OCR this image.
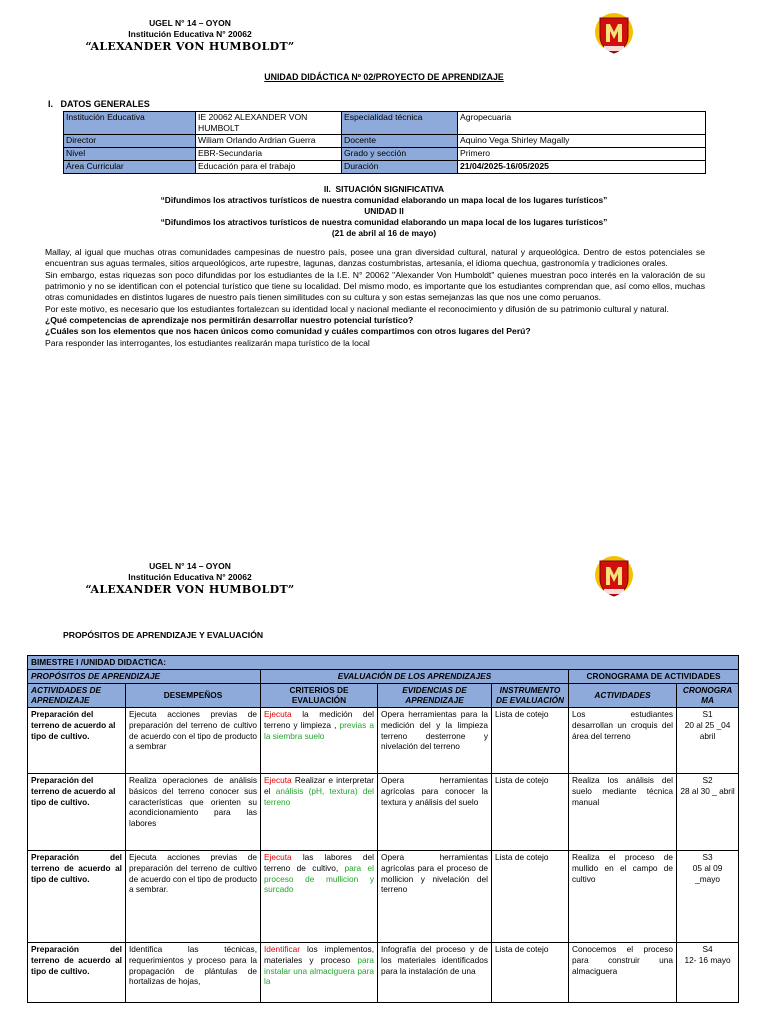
UGEL N° 14 – OYON
Institución Educativa N° 20062
“ALEXANDER VON HUMBOLDT”
UNIDAD DIDÁCTICA Nº 02/PROYECTO DE APRENDIZAJE
I. DATOS GENERALES
Institución Educativa	IE 20062 ALEXANDER VON HUMBOLT	Especialidad técnica	Agropecuaria
Director	Wiliam Orlando Ardrian Guerra	Docente	Aquino Vega Shirley Magally
Nivel	EBR-Secundaria	Grado y sección	Primero
Área Curricular	Educación para el trabajo	Duración	21/04/2025-16/05/2025
II. SITUACIÓN SIGNIFICATIVA
“Difundimos los atractivos turísticos de nuestra comunidad elaborando un mapa local de los lugares turísticos”
UNIDAD II
“Difundimos los atractivos turísticos de nuestra comunidad elaborando un mapa local de los lugares turísticos”
(21 de abril al 16 de mayo)

Mallay, al igual que muchas otras comunidades campesinas de nuestro país, posee una gran diversidad cultural, natural y arqueológica. Dentro de estos potenciales se encuentran sus aguas termales, sitios arqueológicos, arte rupestre, lagunas, danzas costumbristas, artesanía, el idioma quechua, gastronomía y tradiciones orales.

Sin embargo, estas riquezas son poco difundidas por los estudiantes de la I.E. N° 20062 "Alexander Von Humboldt" quienes muestran poco interés en la valoración de su patrimonio y no se identifican con el potencial turístico que tiene su localidad. Del mismo modo, es importante que los estudiantes comprendan que, así como ellos, muchas otras comunidades en distintos lugares de nuestro país tienen similitudes con su cultura y son estas semejanzas las que nos une como peruanos.

Por este motivo, es necesario que los estudiantes fortalezcan su identidad local y nacional mediante el reconocimiento y difusión de su patrimonio cultural y natural.

¿Qué competencias de aprendizaje nos permitirán desarrollar nuestro potencial turístico?

¿Cuáles son los elementos que nos hacen únicos como comunidad y cuáles compartimos con otros lugares del Perú?

Para responder las interrogantes, los estudiantes realizarán mapa turístico de la local

UGEL N° 14 – OYON
Institución Educativa N° 20062
“ALEXANDER VON HUMBOLDT”
PROPÓSITOS DE APRENDIZAJE Y EVALUACIÓN
BIMESTRE I /UNIDAD DIDACTICA:						
PROPÓSITOS DE APRENDIZAJE		EVALUACIÓN DE LOS APRENDIZAJES			CRONOGRAMA DE ACTIVIDADES	
ACTIVIDADES DE APRENDIZAJE	DESEMPEÑOS	CRITERIOS DE EVALUACIÓN	EVIDENCIAS DE APRENDIZAJE	INSTRUMENTO DE EVALUACIÓN	ACTIVIDADES	CRONOGRAMA
Preparación del terreno de acuerdo al tipo de cultivo.	Ejecuta acciones previas de preparación del terreno de cultivo de acuerdo con el tipo de producto a sembrar	Ejecuta la medición del terreno y limpieza , previas a la siembra suelo	Opera herramientas para la medición del y la limpieza terreno desterrone y nivelación del terreno	Lista de cotejo	Los estudiantes desarrollan un croquis del área del terreno	S1
20 al 25 _04 abril

Preparación del terreno de acuerdo al tipo de cultivo.	Realiza operaciones de análisis básicos del terreno conocer sus características que orienten su acondicionamiento para las labores	Ejecuta Realizar e interpretar el análisis (pH, textura) del terreno	Opera herramientas agrícolas para conocer la textura y análisis del suelo	Lista de cotejo	Realiza los análisis del suelo mediante técnica manual	S2
28 al 30 _ abril

Preparación del terreno de acuerdo al tipo de cultivo.	Ejecuta acciones previas de preparación del terreno de cultivo de acuerdo con el tipo de producto a sembrar.	Ejecuta las labores del terreno de cultivo, para el proceso de mullicion y surcado	Opera herramientas agrícolas para el proceso de mollicion y nivelación del terreno	Lista de cotejo	Realiza el proceso de mullido en el campo de cultivo	S3
05 al 09 _mayo

Preparación del terreno de acuerdo al tipo de cultivo.	Identifica las técnicas, requerimientos y proceso para la propagación de plántulas de hortalizas de hojas,	Identificar los implementos, materiales y proceso para instalar una almaciguera para la	Infografía del proceso y de los materiales identificados para la instalación de una	Lista de cotejo	Conocemos el proceso para construir una almaciguera	S4
12- 16 mayo
